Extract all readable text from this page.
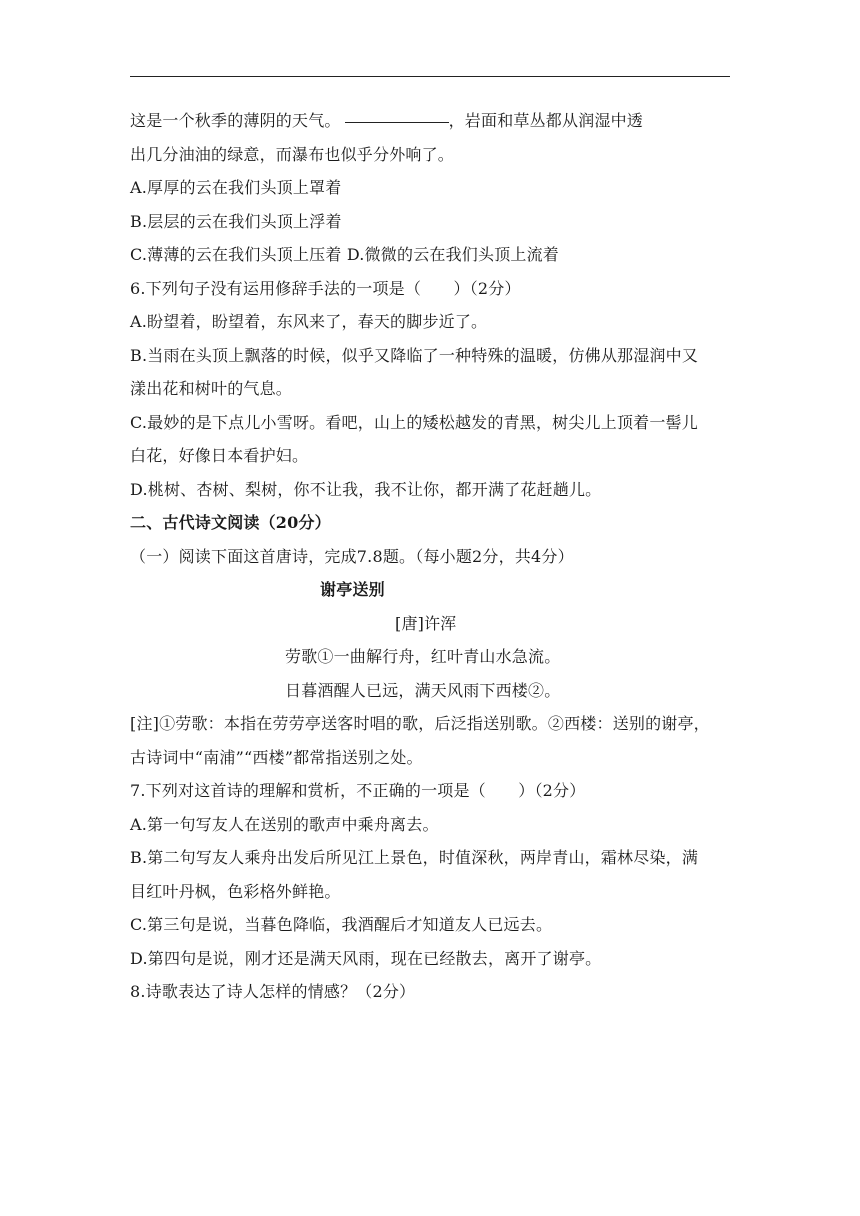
这是一个秋季的薄阴的天气。	，岩面和草丛都从润湿中透
出几分油油的绿意，而瀑布也似乎分外响了。
A.厚厚的云在我们头顶上罩着
B.层层的云在我们头顶上浮着
C.薄薄的云在我们头顶上压着 D.微微的云在我们头顶上流着
6.下列句子没有运用修辞手法的一项是（　　）（2分）
A.盼望着，盼望着，东风来了，春天的脚步近了。
B.当雨在头顶上飘落的时候，似乎又降临了一种特殊的温暖，仿佛从那湿润中又
漾出花和树叶的气息。
C.最妙的是下点儿小雪呀。看吧，山上的矮松越发的青黑，树尖儿上顶着一髻儿
白花，好像日本看护妇。
D.桃树、杏树、梨树，你不让我，我不让你，都开满了花赶趟儿。
二、古代诗文阅读（20分）
（一）阅读下面这首唐诗，完成7.8题。（每小题2分，共4分）
谢亭送别
[唐]许浑
劳歌①一曲解行舟，红叶青山水急流。
日暮酒醒人已远，满天风雨下西楼②。
[注]①劳歌：本指在劳劳亭送客时唱的歌，后泛指送别歌。②西楼：送别的谢亭，
古诗词中“南浦”“西楼”都常指送别之处。
7.下列对这首诗的理解和赏析，不正确的一项是（　　）（2分）
A.第一句写友人在送别的歌声中乘舟离去。
B.第二句写友人乘舟出发后所见江上景色，时值深秋，两岸青山，霜林尽染，满
目红叶丹枫，色彩格外鲜艳。
C.第三句是说，当暮色降临，我酒醒后才知道友人已远去。
D.第四句是说，刚才还是满天风雨，现在已经散去，离开了谢亭。
8.诗歌表达了诗人怎样的情感？（2分）
